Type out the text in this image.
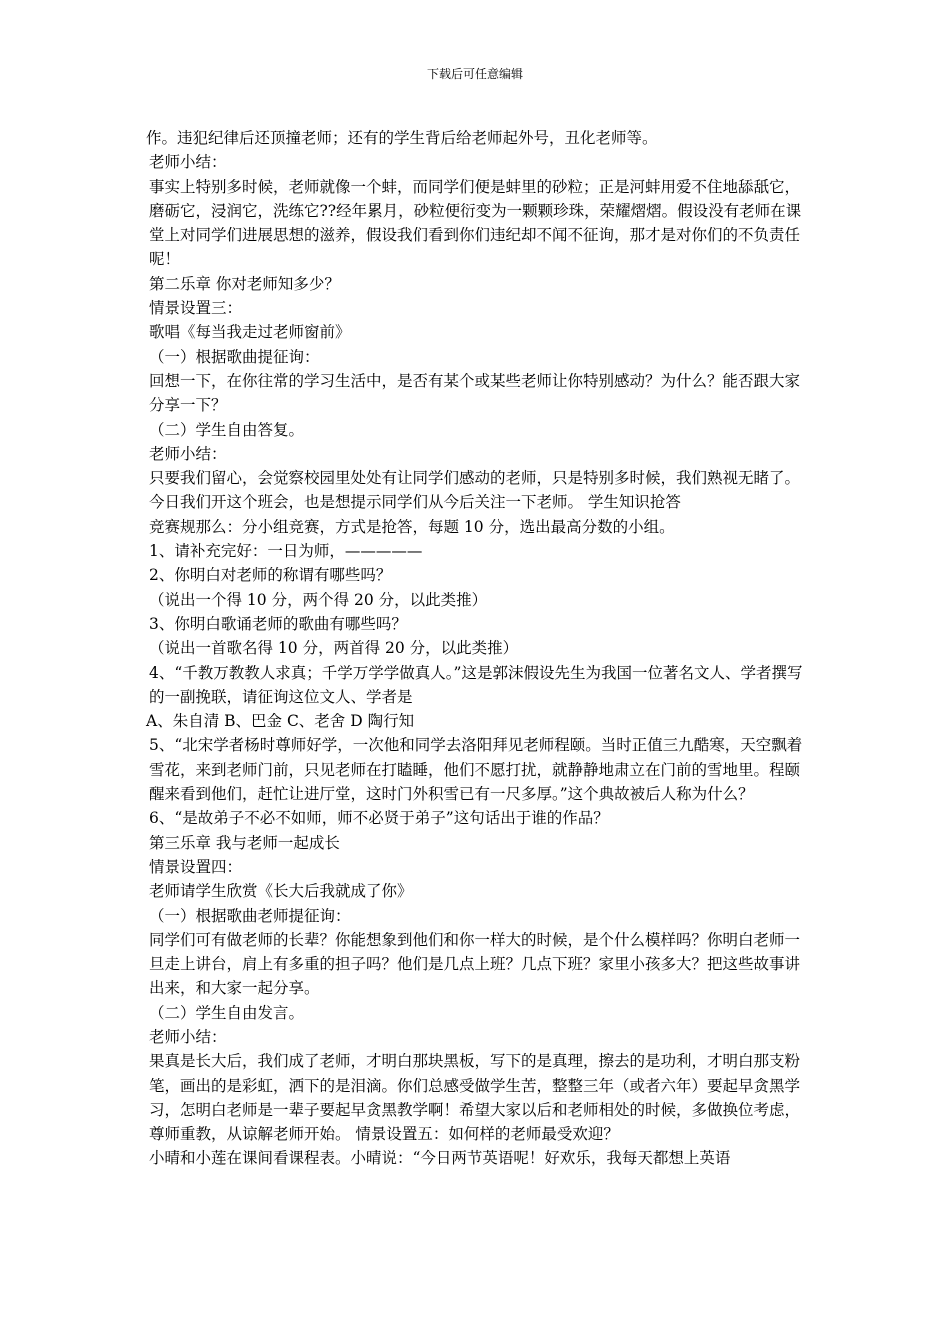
下载后可任意编辑

作。违犯纪律后还顶撞老师；还有的学生背后给老师起外号，丑化老师等。

老师小结：

事实上特别多时候，老师就像一个蚌，而同学们便是蚌里的砂粒；正是河蚌用爱不住地舔舐它，磨砺它，浸润它，洗练它??经年累月，砂粒便衍变为一颗颗珍珠，荣耀熠熠。假设没有老师在课堂上对同学们进展思想的滋养，假设我们看到你们违纪却不闻不征询，那才是对你们的不负责任呢！

第二乐章 你对老师知多少？

情景设置三：

歌唱《每当我走过老师窗前》

（一）根据歌曲提征询：

回想一下，在你往常的学习生活中，是否有某个或某些老师让你特别感动？为什么？能否跟大家分享一下？

（二）学生自由答复。

老师小结：

只要我们留心，会觉察校园里处处有让同学们感动的老师，只是特别多时候，我们熟视无睹了。今日我们开这个班会，也是想提示同学们从今后关注一下老师。 学生知识抢答

竞赛规那么：分小组竞赛，方式是抢答，每题 10 分，选出最高分数的小组。

1、请补充完好：一日为师，—————

2、你明白对老师的称谓有哪些吗？

（说出一个得 10 分，两个得 20 分，以此类推）

3、你明白歌诵老师的歌曲有哪些吗？

（说出一首歌名得 10 分，两首得 20 分，以此类推）

4、“千教万教教人求真；千学万学学做真人。”这是郭沫假设先生为我国一位著名文人、学者撰写的一副挽联，请征询这位文人、学者是

A、朱自清 B、巴金 C、老舍 D 陶行知

5、“北宋学者杨时尊师好学，一次他和同学去洛阳拜见老师程颐。当时正值三九酷寒，天空飘着雪花，来到老师门前，只见老师在打瞌睡，他们不愿打扰，就静静地肃立在门前的雪地里。程颐醒来看到他们，赶忙让进厅堂，这时门外积雪已有一尺多厚。”这个典故被后人称为什么？

6、“是故弟子不必不如师，师不必贤于弟子”这句话出于谁的作品？

第三乐章 我与老师一起成长

情景设置四：

老师请学生欣赏《长大后我就成了你》

（一）根据歌曲老师提征询：

同学们可有做老师的长辈？你能想象到他们和你一样大的时候，是个什么模样吗？你明白老师一旦走上讲台，肩上有多重的担子吗？他们是几点上班？几点下班？家里小孩多大？把这些故事讲出来，和大家一起分享。

（二）学生自由发言。

老师小结：

果真是长大后，我们成了老师，才明白那块黑板，写下的是真理，擦去的是功利，才明白那支粉笔，画出的是彩虹，洒下的是泪滴。你们总感受做学生苦，整整三年（或者六年）要起早贪黑学习，怎明白老师是一辈子要起早贪黑教学啊！希望大家以后和老师相处的时候，多做换位考虑，尊师重教，从谅解老师开始。 情景设置五：如何样的老师最受欢迎？

小晴和小莲在课间看课程表。小晴说：“今日两节英语呢！好欢乐，我每天都想上英语
